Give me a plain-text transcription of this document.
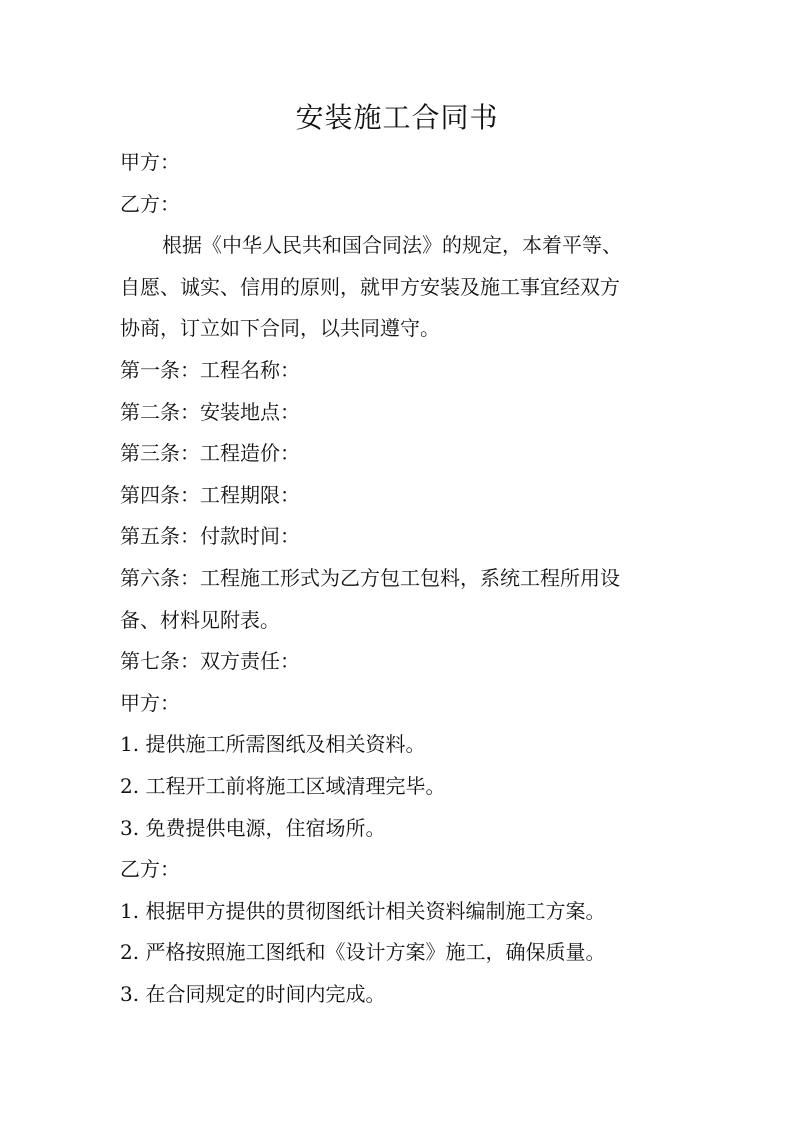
安装施工合同书

甲方：

乙方：

根据《中华人民共和国合同法》的规定，本着平等、
自愿、诚实、信用的原则，就甲方安装及施工事宜经双方
协商，订立如下合同，以共同遵守。

第一条：工程名称：

第二条：安装地点：

第三条：工程造价：

第四条：工程期限：

第五条：付款时间：

第六条：工程施工形式为乙方包工包料，系统工程所用设
备、材料见附表。

第七条：双方责任：

甲方：

1. 提供施工所需图纸及相关资料。

2. 工程开工前将施工区域清理完毕。

3. 免费提供电源，住宿场所。

乙方：

1. 根据甲方提供的贯彻图纸计相关资料编制施工方案。

2. 严格按照施工图纸和《设计方案》施工，确保质量。

3. 在合同规定的时间内完成。
